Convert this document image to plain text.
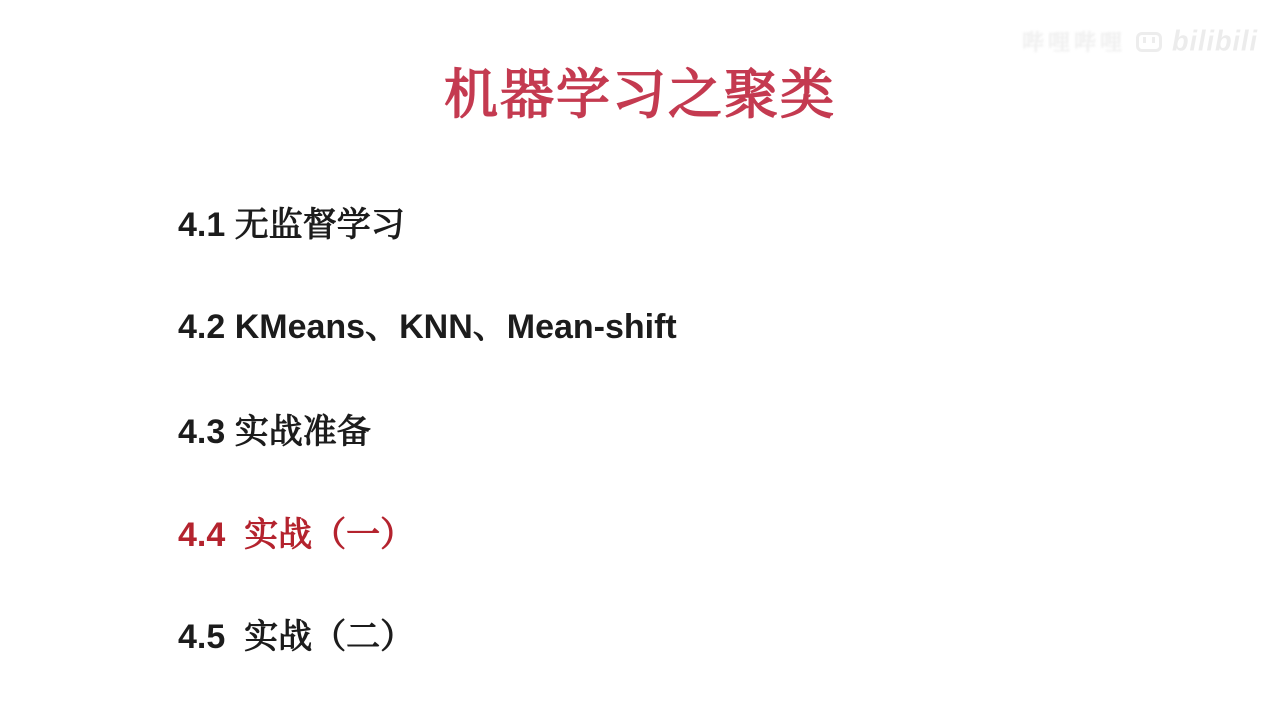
机器学习之聚类
4.1 无监督学习
4.2 KMeans、KNN、Mean-shift
4.3 实战准备
4.4  实战（一）
4.5  实战（二）
哔哩哔哩 bilibili
